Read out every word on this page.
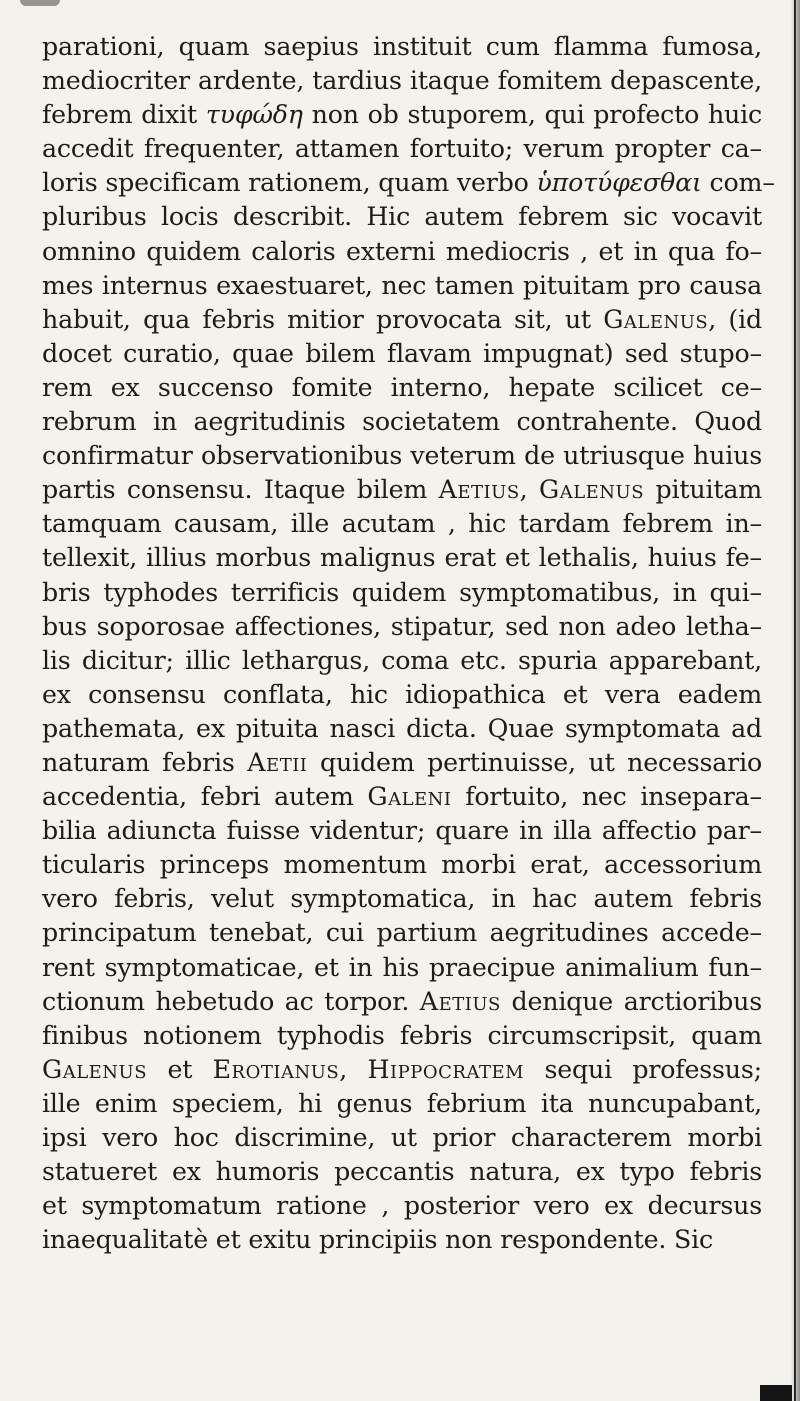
parationi, quam saepius instituit cum flamma fumosa,
mediocriter ardente, tardius itaque fomitem depascente,
febrem dixit τυφώδη non ob stuporem, qui profecto huic
accedit frequenter, attamen fortuito; verum propter ca–
loris specificam rationem, quam verbo ὑποτύφεσθαι com–
pluribus locis describit. Hic autem febrem sic vocavit
omnino quidem caloris externi mediocris , et in qua fo–
mes internus exaestuaret, nec tamen pituitam pro causa
habuit, qua febris mitior provocata sit, ut Galenus, (id
docet curatio, quae bilem flavam impugnat) sed stupo–
rem ex succenso fomite interno, hepate scilicet ce–
rebrum in aegritudinis societatem contrahente. Quod
confirmatur observationibus veterum de utriusque huius
partis consensu. Itaque bilem Aetius, Galenus pituitam
tamquam causam, ille acutam , hic tardam febrem in–
tellexit, illius morbus malignus erat et lethalis, huius fe–
bris typhodes terrificis quidem symptomatibus, in qui–
bus soporosae affectiones, stipatur, sed non adeo letha–
lis dicitur; illic lethargus, coma etc. spuria apparebant,
ex consensu conflata, hic idiopathica et vera eadem
pathemata, ex pituita nasci dicta. Quae symptomata ad
naturam febris Aetii quidem pertinuisse, ut necessario
accedentia, febri autem Galeni fortuito, nec insepara–
bilia adiuncta fuisse videntur; quare in illa affectio par–
ticularis princeps momentum morbi erat, accessorium
vero febris, velut symptomatica, in hac autem febris
principatum tenebat, cui partium aegritudines accede–
rent symptomaticae, et in his praecipue animalium fun–
ctionum hebetudo ac torpor. Aetius denique arctioribus
finibus notionem typhodis febris circumscripsit, quam
Galenus et Erotianus, Hippocratem sequi professus;
ille enim speciem, hi genus febrium ita nuncupabant,
ipsi vero hoc discrimine, ut prior characterem morbi
statueret ex humoris peccantis natura, ex typo febris
et symptomatum ratione , posterior vero ex decursus
inaequalitatè et exitu principiis non respondente. Sic
